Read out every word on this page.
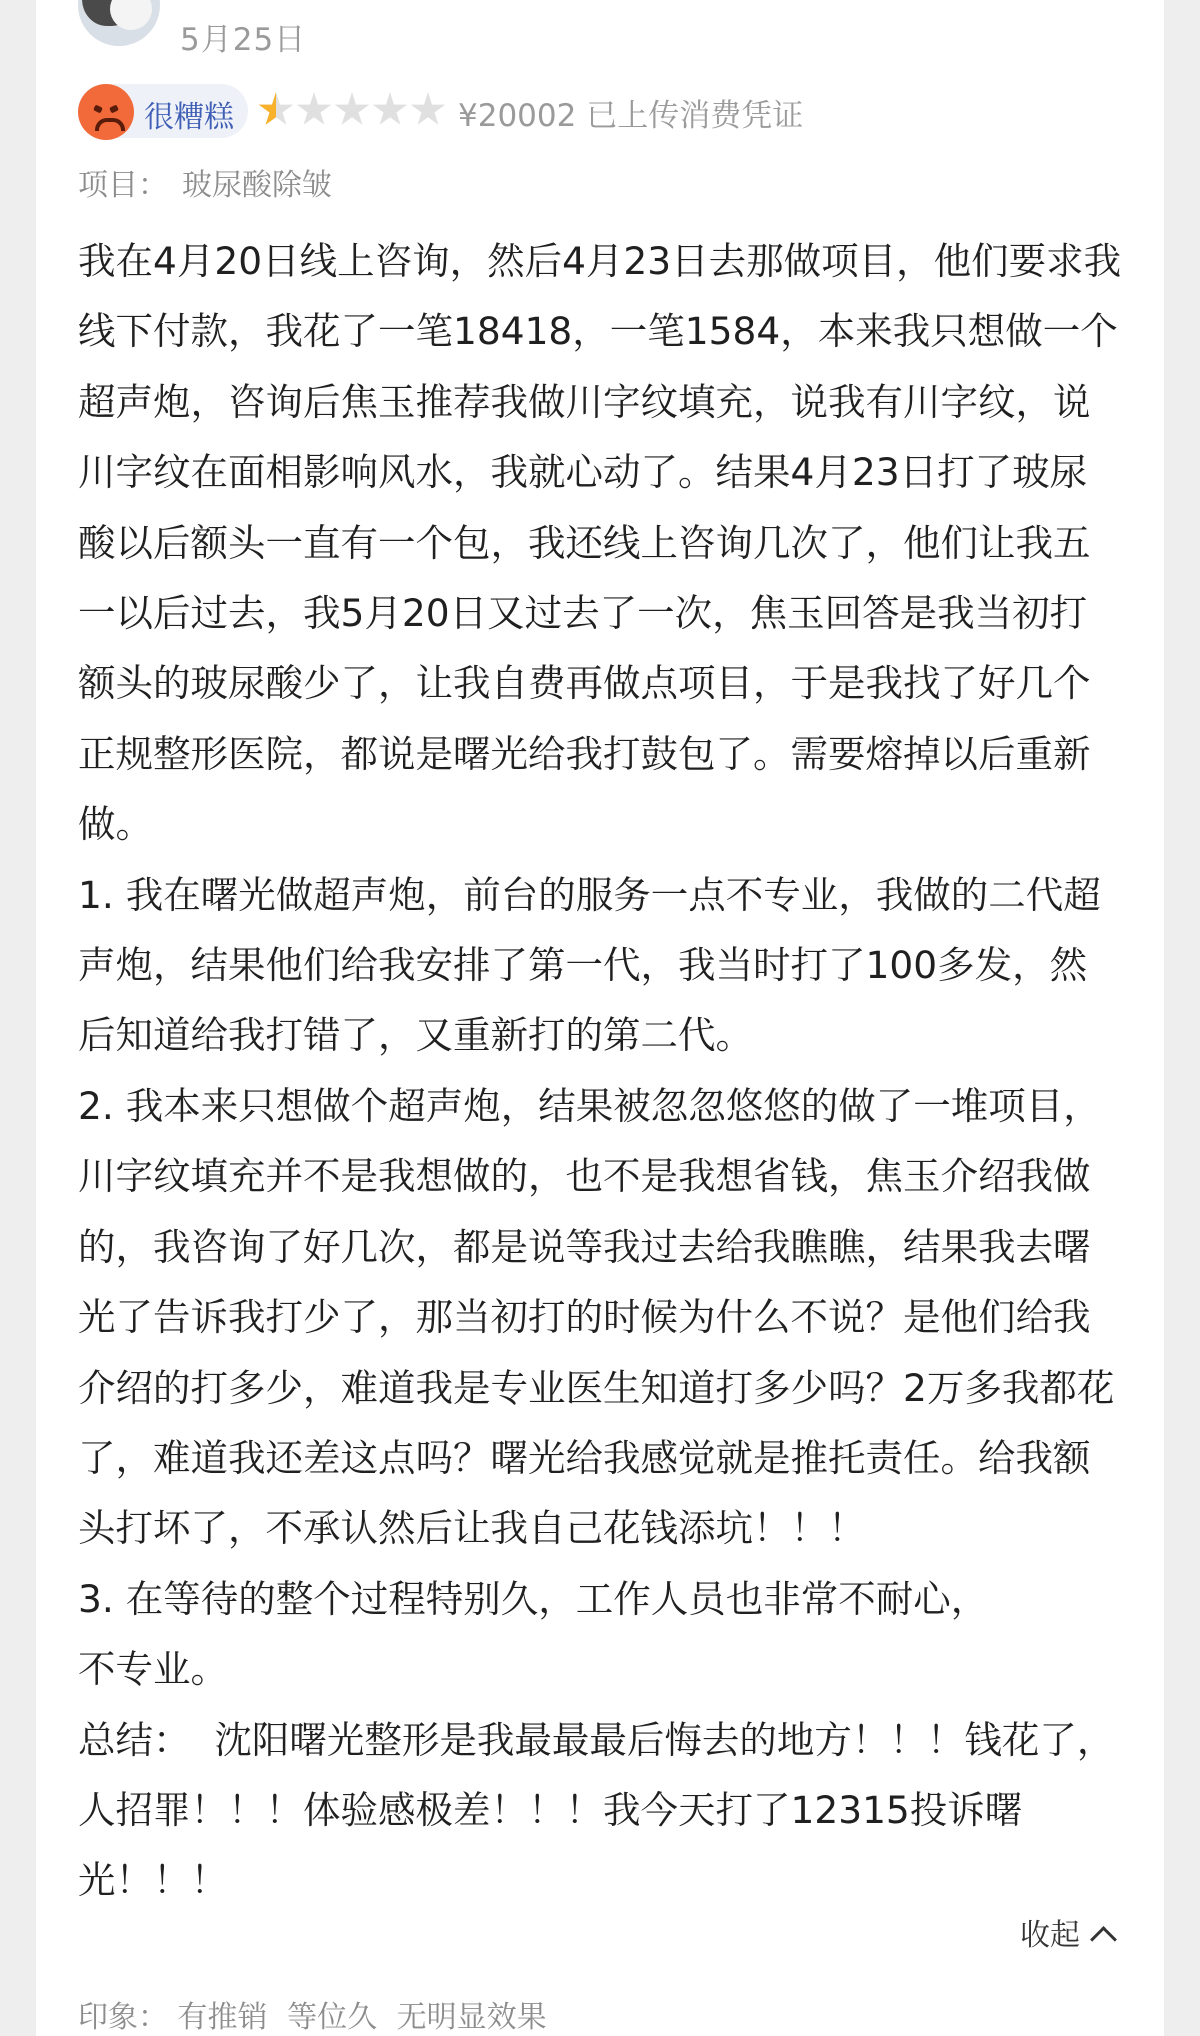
5月25日
很糟糕	¥20002 已上传消费凭证
项目： 玻尿酸除皱

我在4月20日线上咨询，然后4月23日去那做项目，他们要求我线下付款，我花了一笔18418，一笔1584，本来我只想做一个超声炮，咨询后焦玉推荐我做川字纹填充，说我有川字纹，说川字纹在面相影响风水，我就心动了。结果4月23日打了玻尿酸以后额头一直有一个包，我还线上咨询几次了，他们让我五一以后过去，我5月20日又过去了一次，焦玉回答是我当初打额头的玻尿酸少了，让我自费再做点项目，于是我找了好几个正规整形医院，都说是曙光给我打鼓包了。需要熔掉以后重新做。

1. 我在曙光做超声炮，前台的服务一点不专业，我做的二代超声炮，结果他们给我安排了第一代，我当时打了100多发，然后知道给我打错了，又重新打的第二代。

2. 我本来只想做个超声炮，结果被忽忽悠悠的做了一堆项目，川字纹填充并不是我想做的，也不是我想省钱，焦玉介绍我做的，我咨询了好几次，都是说等我过去给我瞧瞧，结果我去曙光了告诉我打少了，那当初打的时候为什么不说？是他们给我介绍的打多少，难道我是专业医生知道打多少吗？2万多我都花了，难道我还差这点吗？曙光给我感觉就是推托责任。给我额头打坏了，不承认然后让我自己花钱添坑！！！

3. 在等待的整个过程特别久，工作人员也非常不耐心，
不专业。

总结：  沈阳曙光整形是我最最最后悔去的地方！！！钱花了，人招罪！！！体验感极差！！！我今天打了12315投诉曙光！！！

收起
印象： 有推销 等位久 无明显效果
